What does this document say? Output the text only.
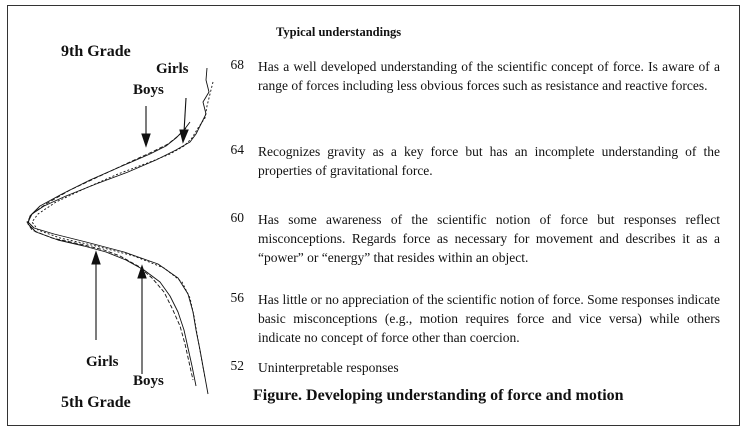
9th Grade
Girls
Boys
Girls
Boys
5th Grade
Typical understandings
68 Has a well developed understanding of the scientific concept of force. Is aware of a range of forces including less obvious forces such as resistance and reactive forces.
64 Recognizes gravity as a key force but has an incomplete understanding of the properties of gravitational force.
60 Has some awareness of the scientific notion of force but responses reflect misconceptions. Regards force as necessary for movement and describes it as a “power” or “energy” that resides within an object.
56 Has little or no appreciation of the scientific notion of force. Some responses indicate basic misconceptions (e.g., motion requires force and vice versa) while others indicate no concept of force other than coercion.
52 Uninterpretable responses
Figure. Developing understanding of force and motion
